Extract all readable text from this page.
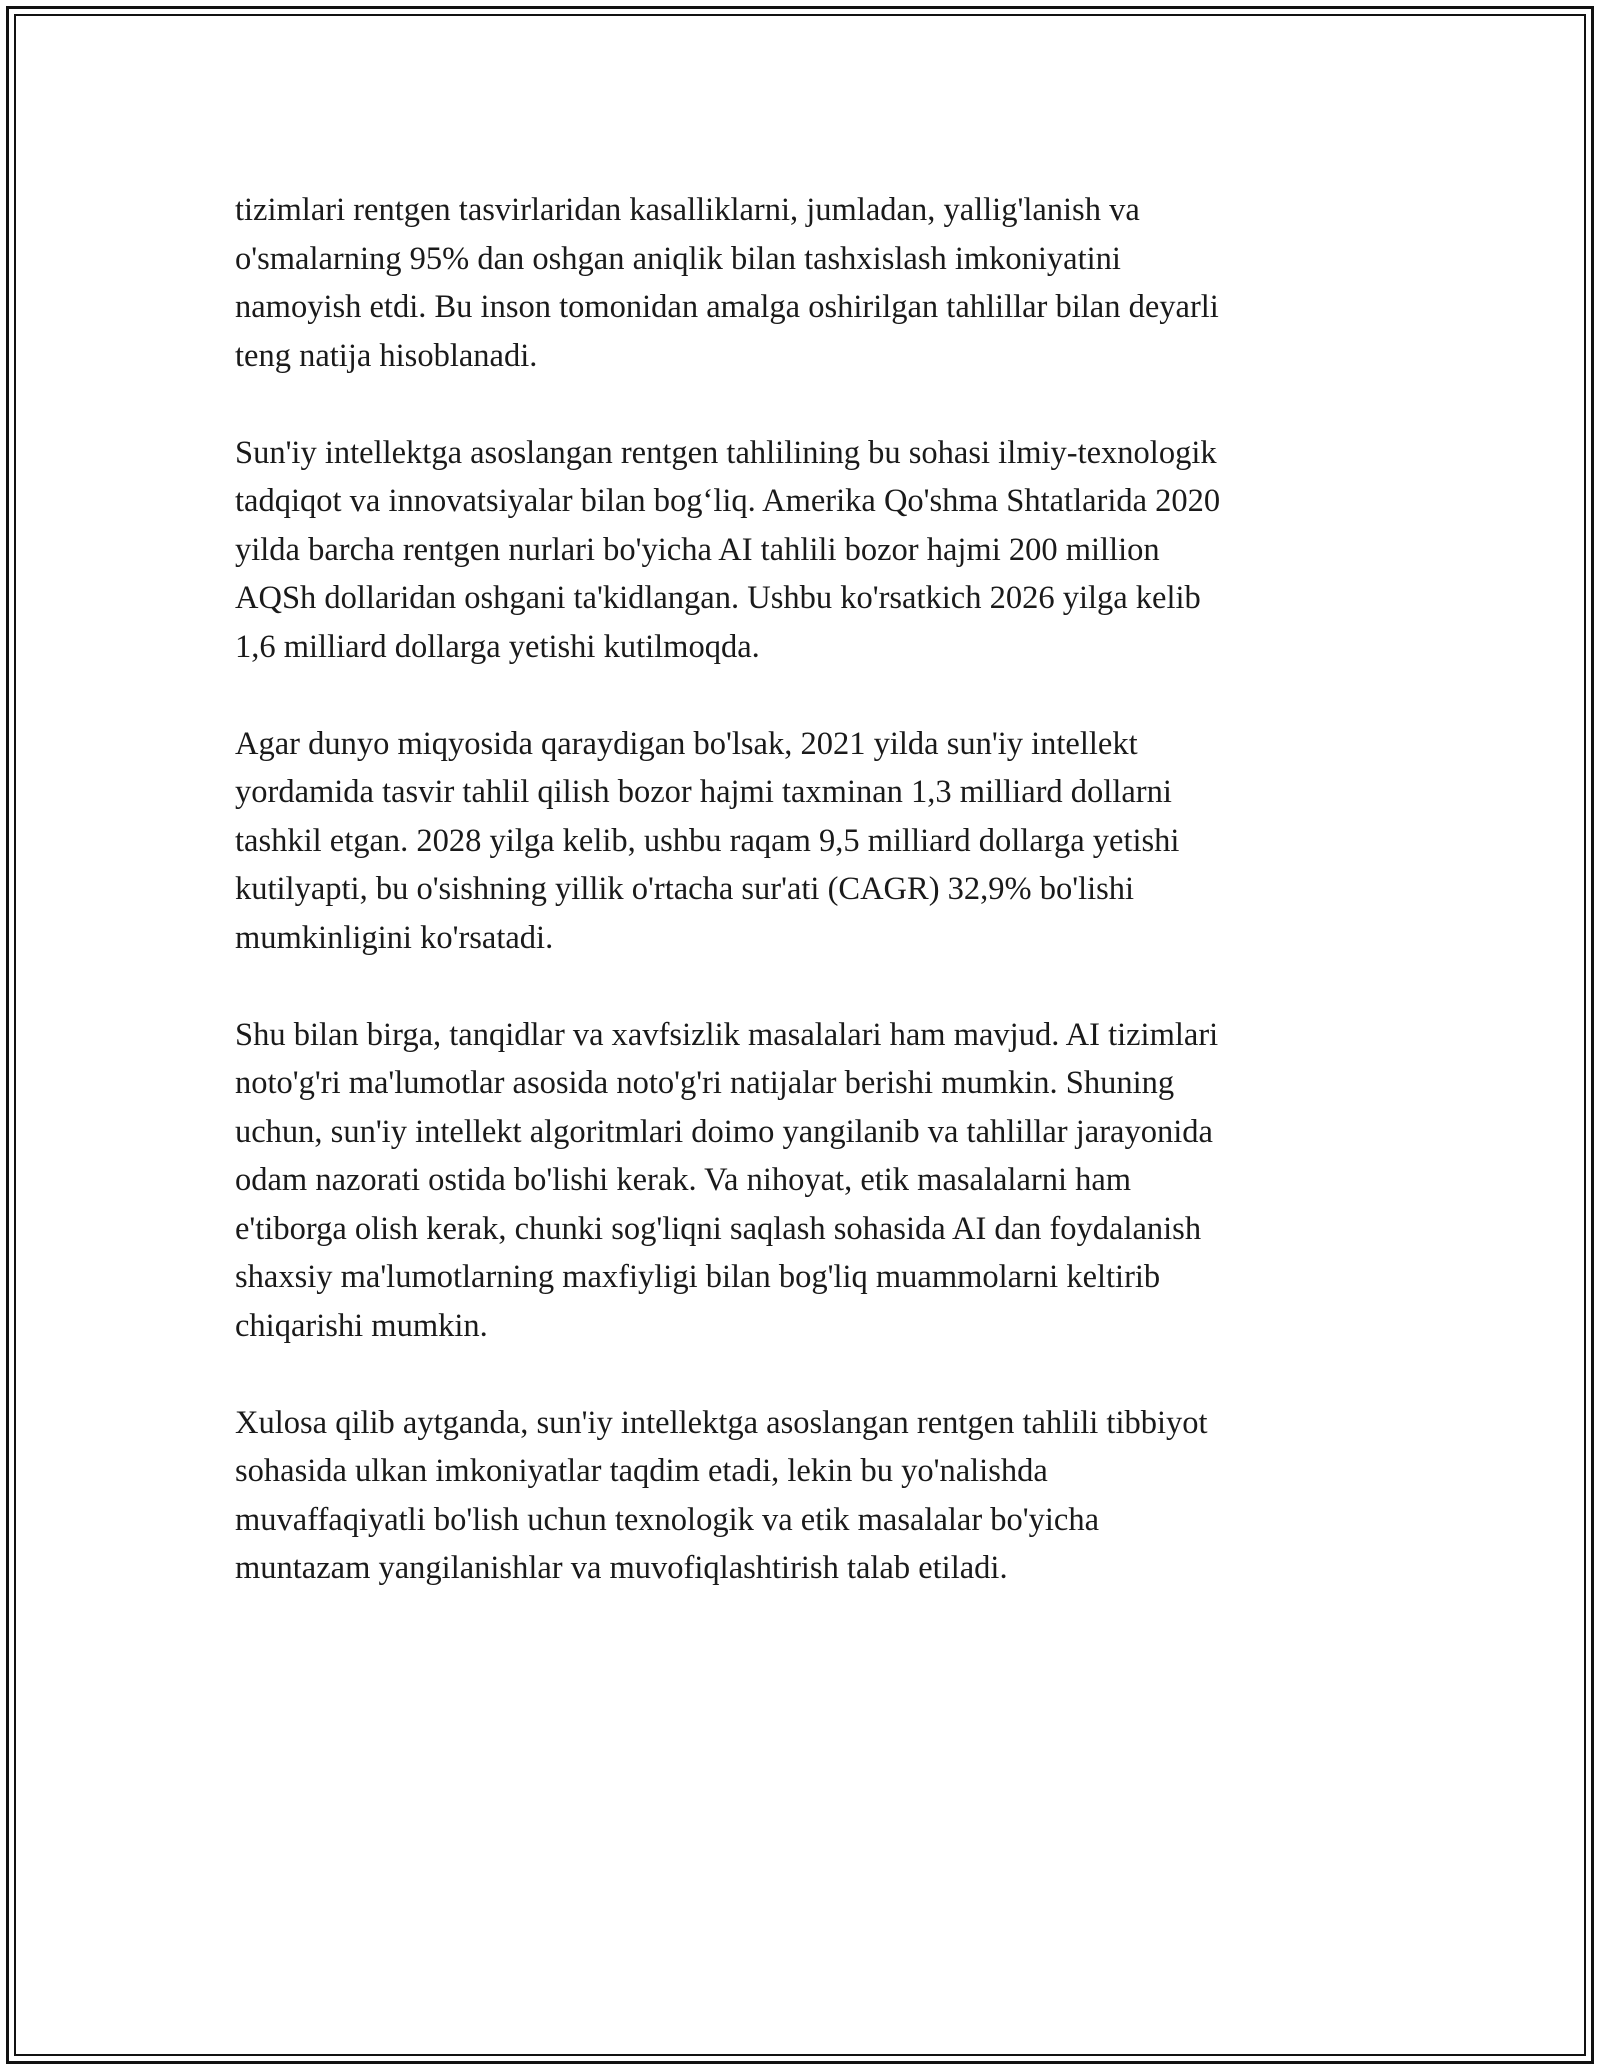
tizimlari rentgen tasvirlaridan kasalliklarni, jumladan, yallig'lanish va
o'smalarning 95% dan oshgan aniqlik bilan tashxislash imkoniyatini
namoyish etdi. Bu inson tomonidan amalga oshirilgan tahlillar bilan deyarli
teng natija hisoblanadi.

Sun'iy intellektga asoslangan rentgen tahlilining bu sohasi ilmiy-texnologik
tadqiqot va innovatsiyalar bilan bog‘liq. Amerika Qo'shma Shtatlarida 2020
yilda barcha rentgen nurlari bo'yicha AI tahlili bozor hajmi 200 million
AQSh dollaridan oshgani ta'kidlangan. Ushbu ko'rsatkich 2026 yilga kelib
1,6 milliard dollarga yetishi kutilmoqda.

Agar dunyo miqyosida qaraydigan bo'lsak, 2021 yilda sun'iy intellekt
yordamida tasvir tahlil qilish bozor hajmi taxminan 1,3 milliard dollarni
tashkil etgan. 2028 yilga kelib, ushbu raqam 9,5 milliard dollarga yetishi
kutilyapti, bu o'sishning yillik o'rtacha sur'ati (CAGR) 32,9% bo'lishi
mumkinligini ko'rsatadi.

Shu bilan birga, tanqidlar va xavfsizlik masalalari ham mavjud. AI tizimlari
noto'g'ri ma'lumotlar asosida noto'g'ri natijalar berishi mumkin. Shuning
uchun, sun'iy intellekt algoritmlari doimo yangilanib va tahlillar jarayonida
odam nazorati ostida bo'lishi kerak. Va nihoyat, etik masalalarni ham
e'tiborga olish kerak, chunki sog'liqni saqlash sohasida AI dan foydalanish
shaxsiy ma'lumotlarning maxfiyligi bilan bog'liq muammolarni keltirib
chiqarishi mumkin.

Xulosa qilib aytganda, sun'iy intellektga asoslangan rentgen tahlili tibbiyot
sohasida ulkan imkoniyatlar taqdim etadi, lekin bu yo'nalishda
muvaffaqiyatli bo'lish uchun texnologik va etik masalalar bo'yicha
muntazam yangilanishlar va muvofiqlashtirish talab etiladi.
